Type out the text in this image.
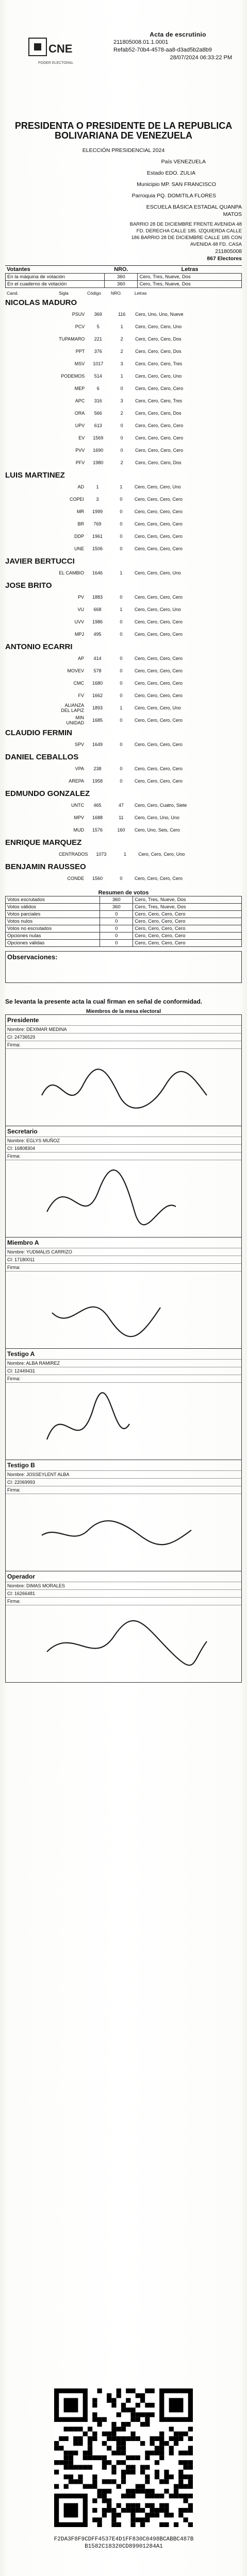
CNE
PODER ELECTORAL
Acta de escrutinio
211805008.01.1.0001
Refab52-70b4-4578-aa8-d3ad5b2a8b9
28/07/2024 06:33:22 PM
PRESIDENTA O PRESIDENTE DE LA REPUBLICA BOLIVARIANA DE VENEZUELA
ELECCIÓN PRESIDENCIAL 2024
País VENEZUELA
Estado EDO. ZULIA
Municipio MP. SAN FRANCISCO
Parroquia PQ. DOMITILA FLORES
ESCUELA BÁSICA ESTADAL QUANPA MATOS
BARRIO 28 DE DICIEMBRE FRENTE AVENIDA 48 FD. DERECHA CALLE 185. IZQUIERDA CALLE 186 BARRIO 28 DE DICIEMBRE CALLE 185 CON AVENIDA 48 FD. CASA
211805008
867 Electores
Votantes	NRO.	Letras
En la máquina de votación	360	Cero, Tres, Nueve, Dos
En el cuaderno de votación	360	Cero, Tres, Nueve, Dos
Cand.	Sigla	Código	NRO.	Letras
NICOLAS MADURO
	PSUV	369	116	Cero, Uno, Uno, Nueve
	PCV	5	1	Cero, Cero, Cero, Uno
	TUPAMARO	221	2	Cero, Cero, Cero, Dos
	PPT	376	2	Cero, Cero, Cero, Dos
	MSV	1017	3	Cero, Cero, Cero, Tres
	PODEMOS	514	1	Cero, Cero, Cero, Uno
	MEP	6	0	Cero, Cero, Cero, Cero
	APC	316	3	Cero, Cero, Cero, Tres
	ORA	566	2	Cero, Cero, Cero, Dos
	UPV	613	0	Cero, Cero, Cero, Cero
	EV	1569	0	Cero, Cero, Cero, Cero
	PVV	1690	0	Cero, Cero, Cero, Cero
	PFV	1980	2	Cero, Cero, Cero, Dos
LUIS MARTINEZ
	AD	1	1	Cero, Cero, Cero, Uno
	COPEI	3	0	Cero, Cero, Cero, Cero
	MR	1999	0	Cero, Cero, Cero, Cero
	BR	769	0	Cero, Cero, Cero, Cero
	DDP	1961	0	Cero, Cero, Cero, Cero
	UNE	1506	0	Cero, Cero, Cero, Cero
JAVIER BERTUCCI
	EL CAMBIO	1646	1	Cero, Cero, Cero, Uno
JOSE BRITO
	PV	1883	0	Cero, Cero, Cero, Cero
	VU	668	1	Cero, Cero, Cero, Uno
	UVV	1986	0	Cero, Cero, Cero, Cero
	MPJ	495	0	Cero, Cero, Cero, Cero
ANTONIO ECARRI
	AP	414	0	Cero, Cero, Cero, Cero
	MOVEV	578	0	Cero, Cero, Cero, Cero
	CMC	1680	0	Cero, Cero, Cero, Cero
	FV	1662	0	Cero, Cero, Cero, Cero
	ALIANZA DEL LAPIZ	1893	1	Cero, Cero, Cero, Uno
	MIN UNIDAD	1685	0	Cero, Cero, Cero, Cero
CLAUDIO FERMIN
	SPV	1649	0	Cero, Cero, Cero, Cero
DANIEL CEBALLOS
	VPA	238	0	Cero, Cero, Cero, Cero
	AREPA	1958	0	Cero, Cero, Cero, Cero
EDMUNDO GONZALEZ
	UNTC	465	47	Cero, Cero, Cuatro, Siete
	MPV	1688	11	Cero, Cero, Uno, Uno
	MUD	1576	160	Cero, Uno, Seis, Cero
ENRIQUE MARQUEZ
	CENTRADOS	1073	1	Cero, Cero, Cero, Uno
BENJAMIN RAUSSEO
	CONDE	1560	0	Cero, Cero, Cero, Cero
Resumen de votos
Votos escrutados	360	Cero, Tres, Nueve, Dos
Votos válidos	360	Cero, Tres, Nueve, Dos
Votos parciales	0	Cero, Cero, Cero, Cero
Votos nulos	0	Cero, Cero, Cero, Cero
Votos no escrutados	0	Cero, Cero, Cero, Cero
Opciones nulas	0	Cero, Cero, Cero, Cero
Opciones válidas	0	Cero, Cero, Cero, Cero
Observaciones:
Se levanta la presente acta la cual firman en señal de conformidad.
Miembros de la mesa electoral
Presidente
Nombre: DEXIMAR MEDINA
CI: 24736529
Firma:
Secretario
Nombre: EGLYS MUÑOZ
CI: 16808304
Firma:
Miembro A
Nombre: YUDMALIS CARRIZO
CI: 17180011
Firma:
Testigo A
Nombre: ALBA RAMIREZ
CI: 12449431
Firma:
Testigo B
Nombre: JOSSEYLENT ALBA
CI: 22069993
Firma:
Operador
Nombre: DIMAS MORALES
CI: 16266481
Firma:
F2DA3F8F9CDFF4537E4D1FF830C0498BCABBC487B B1582C18320CD89901284A1
